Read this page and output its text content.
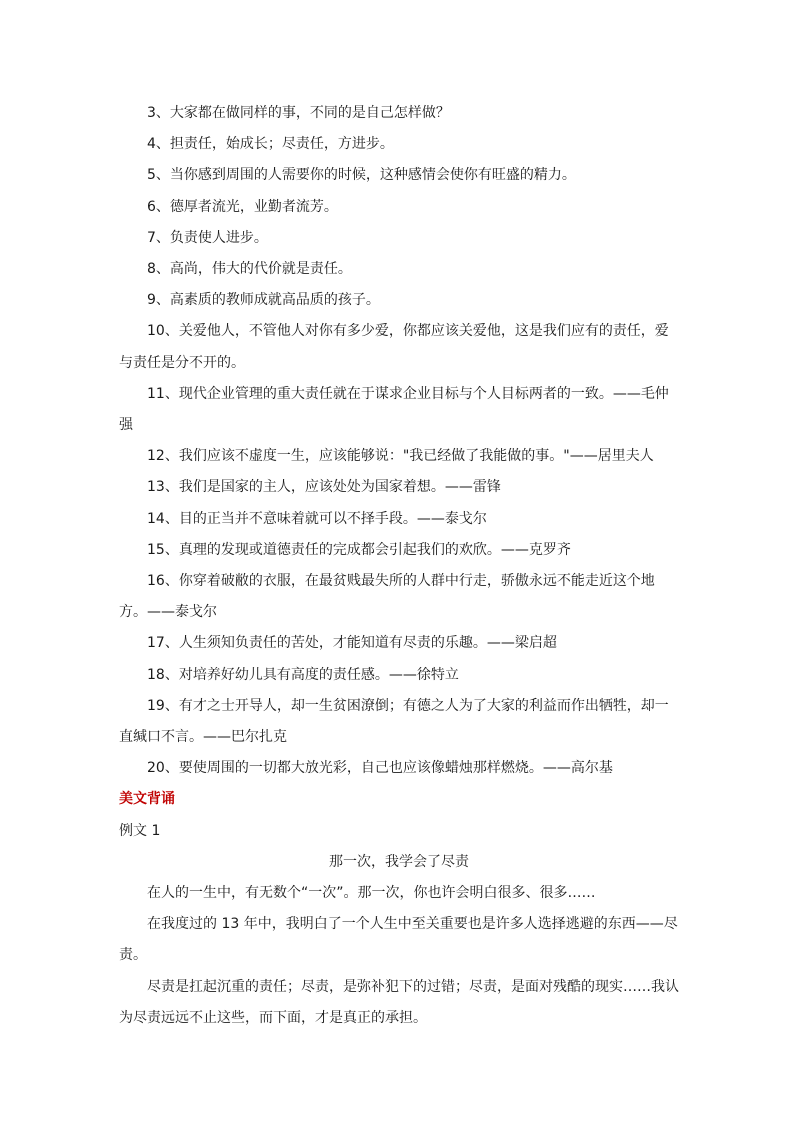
3、大家都在做同样的事，不同的是自己怎样做？

4、担责任，始成长；尽责任，方进步。

5、当你感到周围的人需要你的时候，这种感情会使你有旺盛的精力。

6、德厚者流光，业勤者流芳。

7、负责使人进步。

8、高尚，伟大的代价就是责任。

9、高素质的教师成就高品质的孩子。

10、关爱他人，不管他人对你有多少爱，你都应该关爱他，这是我们应有的责任，爱与责任是分不开的。

11、现代企业管理的重大责任就在于谋求企业目标与个人目标两者的一致。——毛仲强

12、我们应该不虚度一生，应该能够说："我已经做了我能做的事。"——居里夫人

13、我们是国家的主人，应该处处为国家着想。——雷锋

14、目的正当并不意味着就可以不择手段。——泰戈尔

15、真理的发现或道德责任的完成都会引起我们的欢欣。——克罗齐

16、你穿着破敝的衣服，在最贫贱最失所的人群中行走，骄傲永远不能走近这个地方。——泰戈尔

17、人生须知负责任的苦处，才能知道有尽责的乐趣。——梁启超

18、对培养好幼儿具有高度的责任感。——徐特立

19、有才之士开导人，却一生贫困潦倒；有德之人为了大家的利益而作出牺牲，却一直缄口不言。——巴尔扎克

20、要使周围的一切都大放光彩，自己也应该像蜡烛那样燃烧。——高尔基

美文背诵

例文 1

那一次，我学会了尽责

在人的一生中，有无数个“一次”。那一次，你也许会明白很多、很多……

在我度过的 13 年中，我明白了一个人生中至关重要也是许多人选择逃避的东西——尽责。

尽责是扛起沉重的责任；尽责，是弥补犯下的过错；尽责，是面对残酷的现实……我认为尽责远远不止这些，而下面，才是真正的承担。
